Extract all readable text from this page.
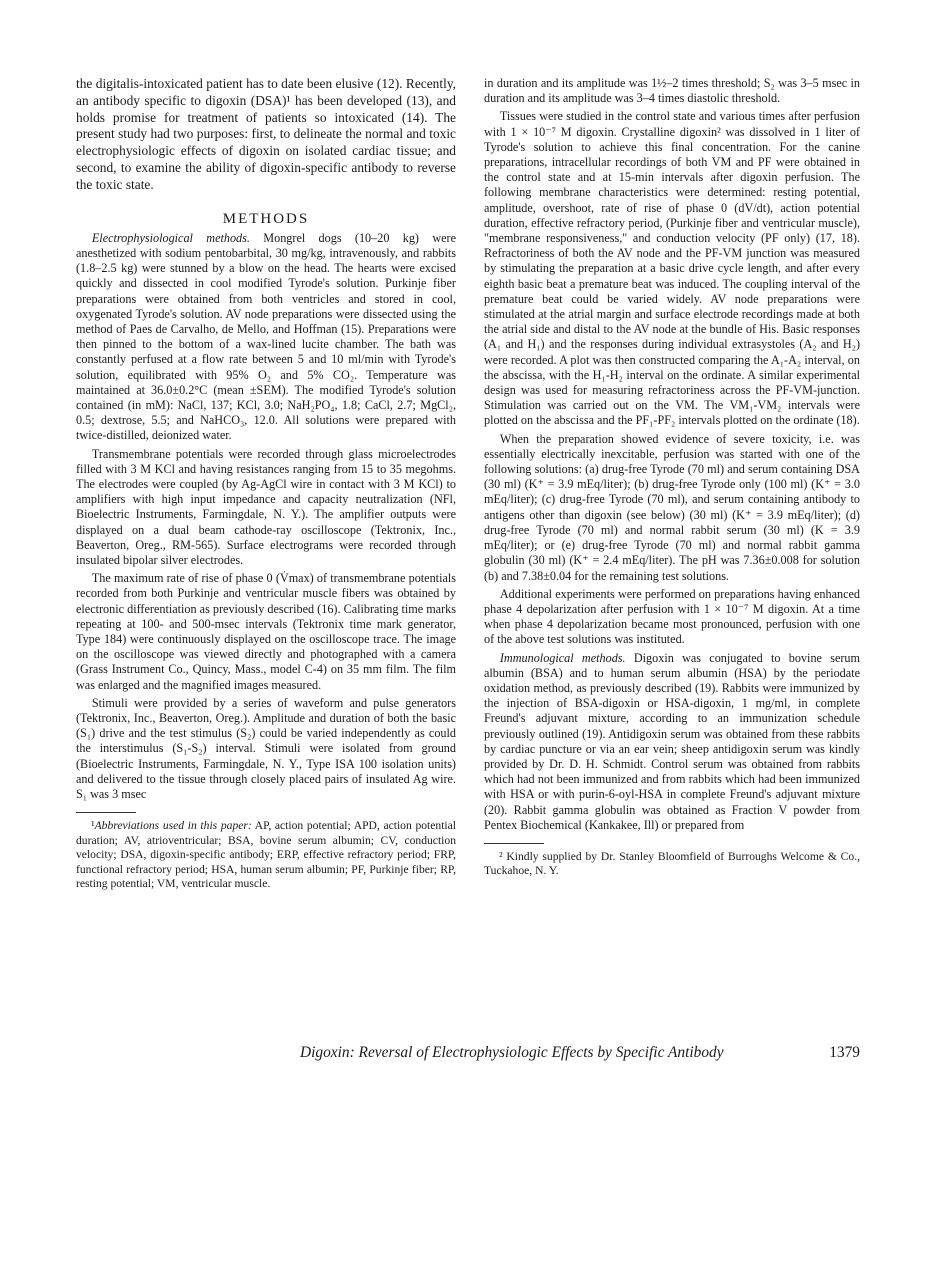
the digitalis-intoxicated patient has to date been elusive (12). Recently, an antibody specific to digoxin (DSA)¹ has been developed (13), and holds promise for treatment of patients so intoxicated (14). The present study had two purposes: first, to delineate the normal and toxic electrophysiologic effects of digoxin on isolated cardiac tissue; and second, to examine the ability of digoxin-specific antibody to reverse the toxic state.

METHODS

Electrophysiological methods. Mongrel dogs (10–20 kg) were anesthetized with sodium pentobarbital, 30 mg/kg, intravenously, and rabbits (1.8–2.5 kg) were stunned by a blow on the head. The hearts were excised quickly and dissected in cool modified Tyrode's solution. Purkinje fiber preparations were obtained from both ventricles and stored in cool, oxygenated Tyrode's solution. AV node preparations were dissected using the method of Paes de Carvalho, de Mello, and Hoffman (15). Preparations were then pinned to the bottom of a wax-lined lucite chamber. The bath was constantly perfused at a flow rate between 5 and 10 ml/min with Tyrode's solution, equilibrated with 95% O₂ and 5% CO₂. Temperature was maintained at 36.0±0.2°C (mean ±SEM). The modified Tyrode's solution contained (in mM): NaCl, 137; KCl, 3.0; NaH₂PO₄, 1.8; CaCl, 2.7; MgCl₂, 0.5; dextrose, 5.5; and NaHCO₃, 12.0. All solutions were prepared with twice-distilled, deionized water.

Transmembrane potentials were recorded through glass microelectrodes filled with 3 M KCl and having resistances ranging from 15 to 35 megohms. The electrodes were coupled (by Ag-AgCl wire in contact with 3 M KCl) to amplifiers with high input impedance and capacity neutralization (NFl, Bioelectric Instruments, Farmingdale, N. Y.). The amplifier outputs were displayed on a dual beam cathode-ray oscilloscope (Tektronix, Inc., Beaverton, Oreg., RM-565). Surface electrograms were recorded through insulated bipolar silver electrodes.

The maximum rate of rise of phase 0 (V̇max) of transmembrane potentials recorded from both Purkinje and ventricular muscle fibers was obtained by electronic differentiation as previously described (16). Calibrating time marks repeating at 100- and 500-msec intervals (Tektronix time mark generator, Type 184) were continuously displayed on the oscilloscope trace. The image on the oscilloscope was viewed directly and photographed with a camera (Grass Instrument Co., Quincy, Mass., model C-4) on 35 mm film. The film was enlarged and the magnified images measured.

Stimuli were provided by a series of waveform and pulse generators (Tektronix, Inc., Beaverton, Oreg.). Amplitude and duration of both the basic (S₁) drive and the test stimulus (S₂) could be varied independently as could the interstimulus (S₁-S₂) interval. Stimuli were isolated from ground (Bioelectric Instruments, Farmingdale, N. Y., Type ISA 100 isolation units) and delivered to the tissue through closely placed pairs of insulated Ag wire. S₁ was 3 msec

¹Abbreviations used in this paper: AP, action potential; APD, action potential duration; AV, atrioventricular; BSA, bovine serum albumin; CV, conduction velocity; DSA, digoxin-specific antibody; ERP, effective refractory period; FRP, functional refractory period; HSA, human serum albumin; PF, Purkinje fiber; RP, resting potential; VM, ventricular muscle.

in duration and its amplitude was 1½–2 times threshold; S₂ was 3–5 msec in duration and its amplitude was 3–4 times diastolic threshold.

Tissues were studied in the control state and various times after perfusion with 1 × 10⁻⁷ M digoxin. Crystalline digoxin² was dissolved in 1 liter of Tyrode's solution to achieve this final concentration. For the canine preparations, intracellular recordings of both VM and PF were obtained in the control state and at 15-min intervals after digoxin perfusion. The following membrane characteristics were determined: resting potential, amplitude, overshoot, rate of rise of phase 0 (dV/dt), action potential duration, effective refractory period, (Purkinje fiber and ventricular muscle), "membrane responsiveness," and conduction velocity (PF only) (17, 18). Refractoriness of both the AV node and the PF-VM junction was measured by stimulating the preparation at a basic drive cycle length, and after every eighth basic beat a premature beat was induced. The coupling interval of the premature beat could be varied widely. AV node preparations were stimulated at the atrial margin and surface electrode recordings made at both the atrial side and distal to the AV node at the bundle of His. Basic responses (A₁ and H₁) and the responses during individual extrasystoles (A₂ and H₂) were recorded. A plot was then constructed comparing the A₁-A₂ interval, on the abscissa, with the H₁-H₂ interval on the ordinate. A similar experimental design was used for measuring refractoriness across the PF-VM-junction. Stimulation was carried out on the VM. The VM₁-VM₂ intervals were plotted on the abscissa and the PF₁-PF₂ intervals plotted on the ordinate (18).

When the preparation showed evidence of severe toxicity, i.e. was essentially electrically inexcitable, perfusion was started with one of the following solutions: (a) drug-free Tyrode (70 ml) and serum containing DSA (30 ml) (K⁺ = 3.9 mEq/liter); (b) drug-free Tyrode only (100 ml) (K⁺ = 3.0 mEq/liter); (c) drug-free Tyrode (70 ml), and serum containing antibody to antigens other than digoxin (see below) (30 ml) (K⁺ = 3.9 mEq/liter); (d) drug-free Tyrode (70 ml) and normal rabbit serum (30 ml) (K = 3.9 mEq/liter); or (e) drug-free Tyrode (70 ml) and normal rabbit gamma globulin (30 ml) (K⁺ = 2.4 mEq/liter). The pH was 7.36±0.008 for solution (b) and 7.38±0.04 for the remaining test solutions.

Additional experiments were performed on preparations having enhanced phase 4 depolarization after perfusion with 1 × 10⁻⁷ M digoxin. At a time when phase 4 depolarization became most pronounced, perfusion with one of the above test solutions was instituted.

Immunological methods. Digoxin was conjugated to bovine serum albumin (BSA) and to human serum albumin (HSA) by the periodate oxidation method, as previously described (19). Rabbits were immunized by the injection of BSA-digoxin or HSA-digoxin, 1 mg/ml, in complete Freund's adjuvant mixture, according to an immunization schedule previously outlined (19). Antidigoxin serum was obtained from these rabbits by cardiac puncture or via an ear vein; sheep antidigoxin serum was kindly provided by Dr. D. H. Schmidt. Control serum was obtained from rabbits which had not been immunized and from rabbits which had been immunized with HSA or with purin-6-oyl-HSA in complete Freund's adjuvant mixture (20). Rabbit gamma globulin was obtained as Fraction V powder from Pentex Biochemical (Kankakee, Ill) or prepared from

² Kindly supplied by Dr. Stanley Bloomfield of Burroughs Welcome & Co., Tuckahoe, N. Y.

Digoxin: Reversal of Electrophysiologic Effects by Specific Antibody	1379
